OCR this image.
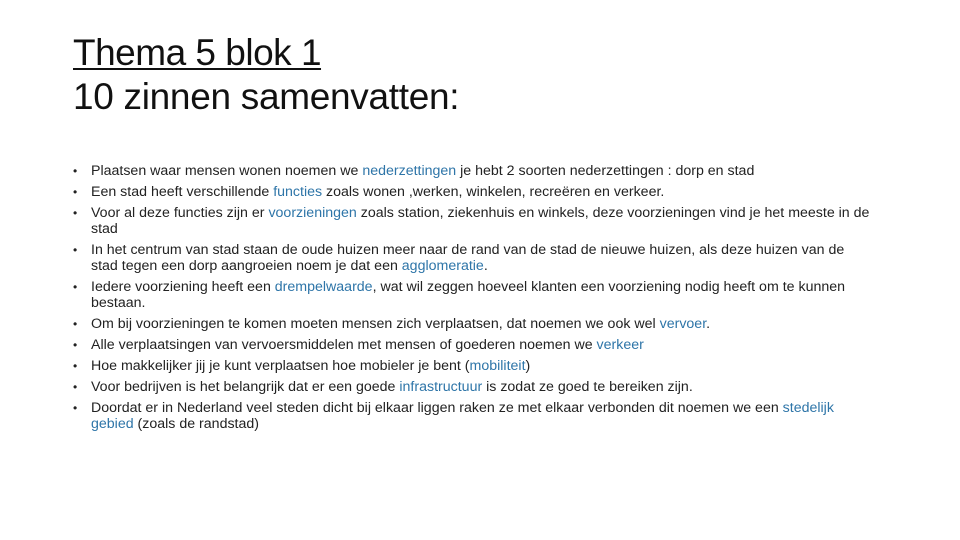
Thema 5 blok 1
10 zinnen samenvatten:
• Plaatsen waar mensen wonen noemen we nederzettingen je hebt 2 soorten nederzettingen : dorp en stad
• Een stad heeft verschillende functies zoals wonen ,werken, winkelen, recreëren en verkeer.
• Voor al deze functies zijn er voorzieningen zoals station, ziekenhuis en winkels, deze voorzieningen vind je het meeste in de stad
• In het centrum van stad staan de oude huizen meer naar de rand van de stad de nieuwe huizen, als deze huizen van de stad tegen een dorp aangroeien noem je dat een agglomeratie.
• Iedere voorziening heeft een drempelwaarde, wat wil zeggen hoeveel klanten een voorziening nodig heeft om te kunnen bestaan.
• Om bij voorzieningen te komen moeten mensen zich verplaatsen, dat noemen we ook wel vervoer.
• Alle verplaatsingen van vervoersmiddelen met mensen of goederen noemen we verkeer
• Hoe makkelijker jij je kunt verplaatsen hoe mobieler je bent (mobiliteit)
• Voor bedrijven is het belangrijk dat er een goede infrastructuur is zodat ze goed te bereiken zijn.
• Doordat er in Nederland veel steden dicht bij elkaar liggen raken ze met elkaar verbonden dit noemen we een stedelijk gebied (zoals de randstad)
